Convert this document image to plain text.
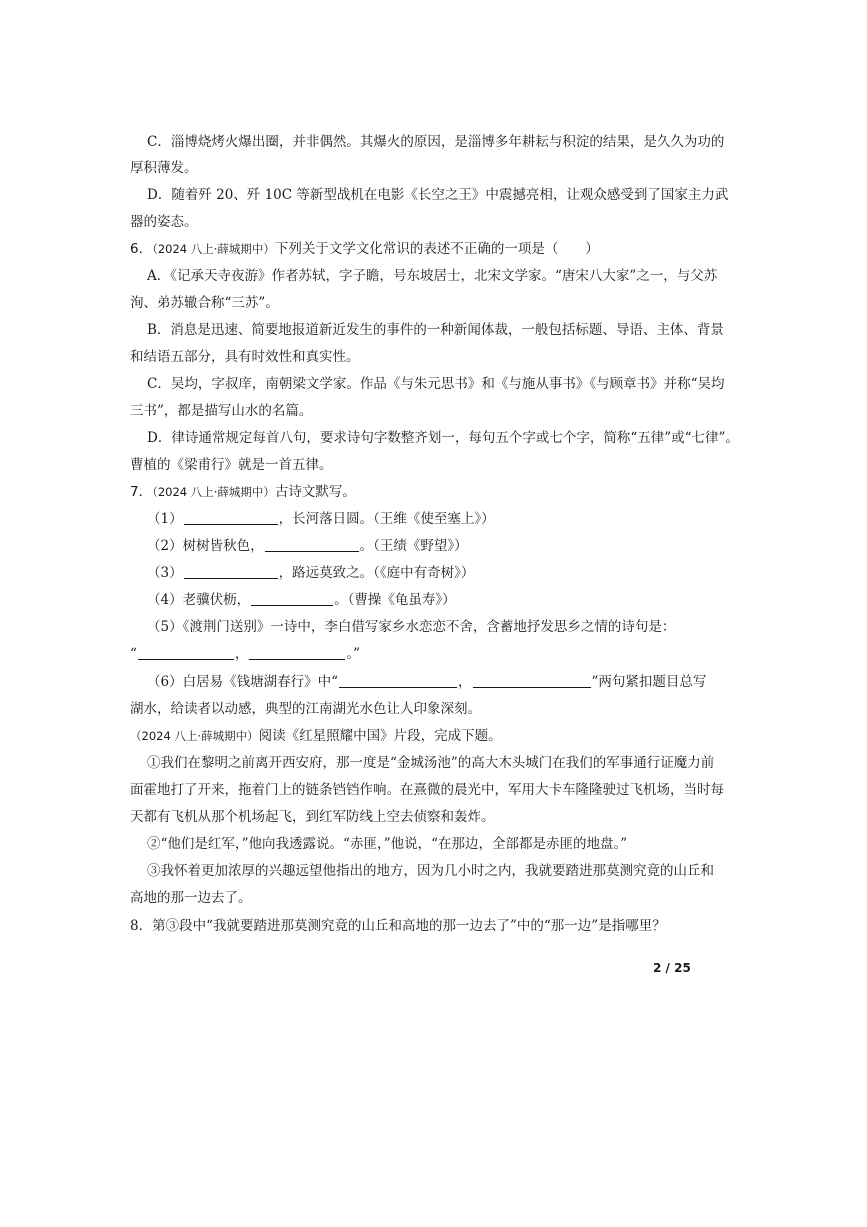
C．淄博烧烤火爆出圈，并非偶然。其爆火的原因，是淄博多年耕耘与积淀的结果，是久久为功的
厚积薄发。
D．随着歼 20、歼 10C 等新型战机在电影《长空之王》中震撼亮相，让观众感受到了国家主力武
器的姿态。
6．（2024 八上·薛城期中）下列关于文学文化常识的表述不正确的一项是（　　）
A．《记承天寺夜游》作者苏轼，字子瞻，号东坡居士，北宋文学家。“唐宋八大家”之一，与父苏
洵、弟苏辙合称“三苏”。
B．消息是迅速、简要地报道新近发生的事件的一种新闻体裁，一般包括标题、导语、主体、背景
和结语五部分，具有时效性和真实性。
C．吴均，字叔庠，南朝梁文学家。作品《与朱元思书》和《与施从事书》《与顾章书》并称“吴均
三书”，都是描写山水的名篇。
D．律诗通常规定每首八句，要求诗句字数整齐划一，每句五个字或七个字，简称“五律”或“七律”。
曹植的《梁甫行》就是一首五律。
7．（2024 八上·薛城期中）古诗文默写。
（1）	，长河落日圆。（王维《使至塞上》）
（2）树树皆秋色，	。（王绩《野望》）
（3）	，路远莫致之。（《庭中有奇树》）
（4）老骥伏枥，	。（曹操《龟虽寿》）
（5）《渡荆门送别》一诗中，李白借写家乡水恋恋不舍，含蓄地抒发思乡之情的诗句是：
“	，	。”
（6）白居易《钱塘湖春行》中“	，	”两句紧扣题目总写
湖水，给读者以动感，典型的江南湖光水色让人印象深刻。
（2024 八上·薛城期中）阅读《红星照耀中国》片段，完成下题。
①我们在黎明之前离开西安府，那一度是“金城汤池”的高大木头城门在我们的军事通行证魔力前
面霍地打了开来，拖着门上的链条铛铛作响。在熹微的晨光中，军用大卡车隆隆驶过飞机场，当时每
天都有飞机从那个机场起飞，到红军防线上空去侦察和轰炸。
②“他们是红军，”他向我透露说。“赤匪，”他说，“在那边，全部都是赤匪的地盘。”
③我怀着更加浓厚的兴趣远望他指出的地方，因为几小时之内，我就要踏进那莫测究竟的山丘和
高地的那一边去了。
8．第③段中“我就要踏进那莫测究竟的山丘和高地的那一边去了”中的“那一边”是指哪里？
2 / 25
